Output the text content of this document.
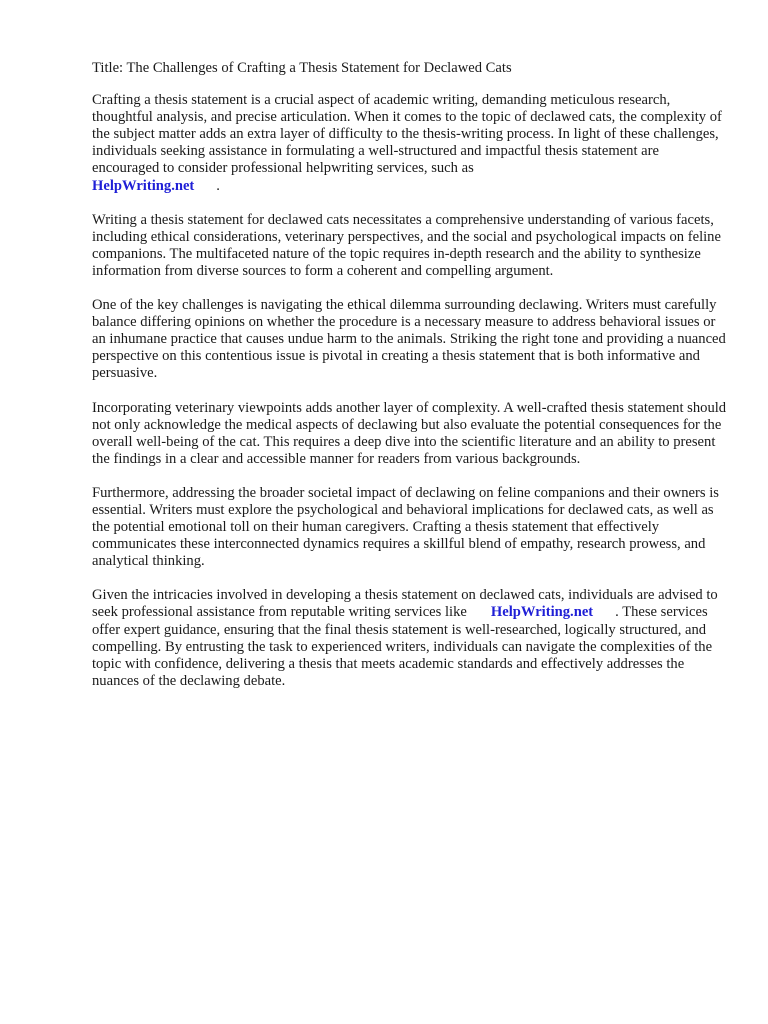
Title: The Challenges of Crafting a Thesis Statement for Declawed Cats

Crafting a thesis statement is a crucial aspect of academic writing, demanding meticulous research, thoughtful analysis, and precise articulation. When it comes to the topic of declawed cats, the complexity of the subject matter adds an extra layer of difficulty to the thesis-writing process. In light of these challenges, individuals seeking assistance in formulating a well-structured and impactful thesis statement are encouraged to consider professional helpwriting services, such as
HelpWriting.net .

Writing a thesis statement for declawed cats necessitates a comprehensive understanding of various facets, including ethical considerations, veterinary perspectives, and the social and psychological impacts on feline companions. The multifaceted nature of the topic requires in-depth research and the ability to synthesize information from diverse sources to form a coherent and compelling argument.

One of the key challenges is navigating the ethical dilemma surrounding declawing. Writers must carefully balance differing opinions on whether the procedure is a necessary measure to address behavioral issues or an inhumane practice that causes undue harm to the animals. Striking the right tone and providing a nuanced perspective on this contentious issue is pivotal in creating a thesis statement that is both informative and persuasive.

Incorporating veterinary viewpoints adds another layer of complexity. A well-crafted thesis statement should not only acknowledge the medical aspects of declawing but also evaluate the potential consequences for the overall well-being of the cat. This requires a deep dive into the scientific literature and an ability to present the findings in a clear and accessible manner for readers from various backgrounds.

Furthermore, addressing the broader societal impact of declawing on feline companions and their owners is essential. Writers must explore the psychological and behavioral implications for declawed cats, as well as the potential emotional toll on their human caregivers. Crafting a thesis statement that effectively communicates these interconnected dynamics requires a skillful blend of empathy, research prowess, and analytical thinking.

Given the intricacies involved in developing a thesis statement on declawed cats, individuals are advised to seek professional assistance from reputable writing services like HelpWriting.net . These services offer expert guidance, ensuring that the final thesis statement is well-researched, logically structured, and compelling. By entrusting the task to experienced writers, individuals can navigate the complexities of the topic with confidence, delivering a thesis that meets academic standards and effectively addresses the nuances of the declawing debate.
